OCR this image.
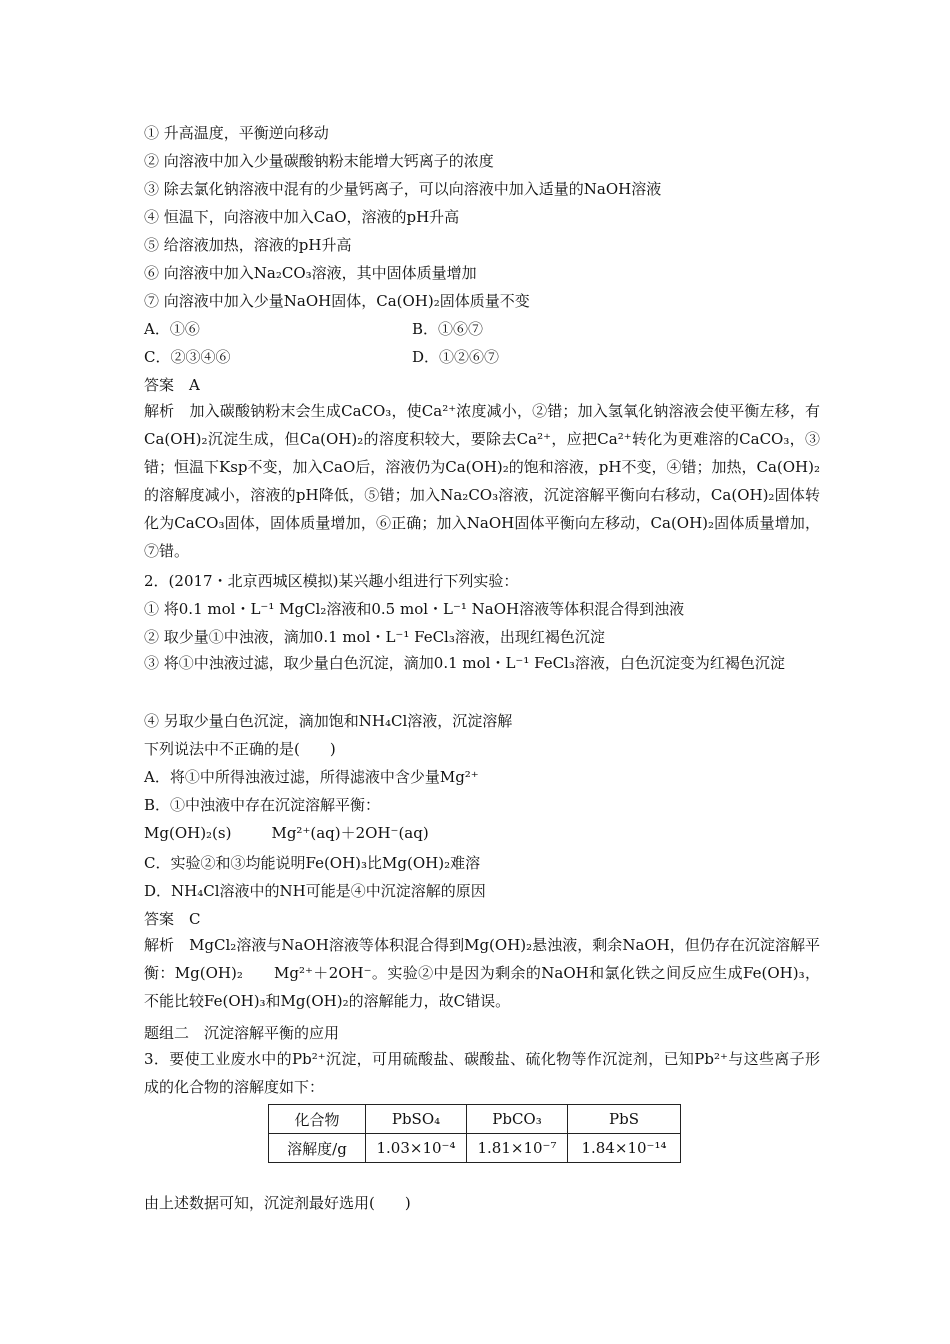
① 升高温度，平衡逆向移动
② 向溶液中加入少量碳酸钠粉末能增大钙离子的浓度
③ 除去氯化钠溶液中混有的少量钙离子，可以向溶液中加入适量的NaOH溶液
④ 恒温下，向溶液中加入CaO，溶液的pH升高
⑤ 给溶液加热，溶液的pH升高
⑥ 向溶液中加入Na₂CO₃溶液，其中固体质量增加
⑦ 向溶液中加入少量NaOH固体，Ca(OH)₂固体质量不变
A．①⑥	B．①⑥⑦
C．②③④⑥	D．①②⑥⑦
答案　A
解析　加入碳酸钠粉末会生成CaCO₃，使Ca²⁺浓度减小，②错；加入氢氧化钠溶液会使平衡左移，有Ca(OH)₂沉淀生成，但Ca(OH)₂的溶度积较大，要除去Ca²⁺，应把Ca²⁺转化为更难溶的CaCO₃，③错；恒温下Ksp不变，加入CaO后，溶液仍为Ca(OH)₂的饱和溶液，pH不变，④错；加热，Ca(OH)₂的溶解度减小，溶液的pH降低，⑤错；加入Na₂CO₃溶液，沉淀溶解平衡向右移动，Ca(OH)₂固体转化为CaCO₃固体，固体质量增加，⑥正确；加入NaOH固体平衡向左移动，Ca(OH)₂固体质量增加，⑦错。
2．(2017・北京西城区模拟)某兴趣小组进行下列实验：
① 将0.1 mol・L⁻¹ MgCl₂溶液和0.5 mol・L⁻¹ NaOH溶液等体积混合得到浊液
② 取少量①中浊液，滴加0.1 mol・L⁻¹ FeCl₃溶液，出现红褐色沉淀
③ 将①中浊液过滤，取少量白色沉淀，滴加0.1 mol・L⁻¹ FeCl₃溶液，白色沉淀变为红褐色沉淀
④ 另取少量白色沉淀，滴加饱和NH₄Cl溶液，沉淀溶解
下列说法中不正确的是(　　)
A．将①中所得浊液过滤，所得滤液中含少量Mg²⁺
B．①中浊液中存在沉淀溶解平衡：
Mg(OH)₂(s)	Mg²⁺(aq)＋2OH⁻(aq)
C．实验②和③均能说明Fe(OH)₃比Mg(OH)₂难溶
D．NH₄Cl溶液中的NH可能是④中沉淀溶解的原因
答案　C
解析　MgCl₂溶液与NaOH溶液等体积混合得到Mg(OH)₂悬浊液，剩余NaOH，但仍存在沉淀溶解平衡：Mg(OH)₂　　Mg²⁺＋2OH⁻。实验②中是因为剩余的NaOH和氯化铁之间反应生成Fe(OH)₃，不能比较Fe(OH)₃和Mg(OH)₂的溶解能力，故C错误。
题组二　沉淀溶解平衡的应用
3．要使工业废水中的Pb²⁺沉淀，可用硫酸盐、碳酸盐、硫化物等作沉淀剂，已知Pb²⁺与这些离子形成的化合物的溶解度如下：
化合物	PbSO₄	PbCO₃	PbS
溶解度/g	1.03×10⁻⁴	1.81×10⁻⁷	1.84×10⁻¹⁴
由上述数据可知，沉淀剂最好选用(　　)
